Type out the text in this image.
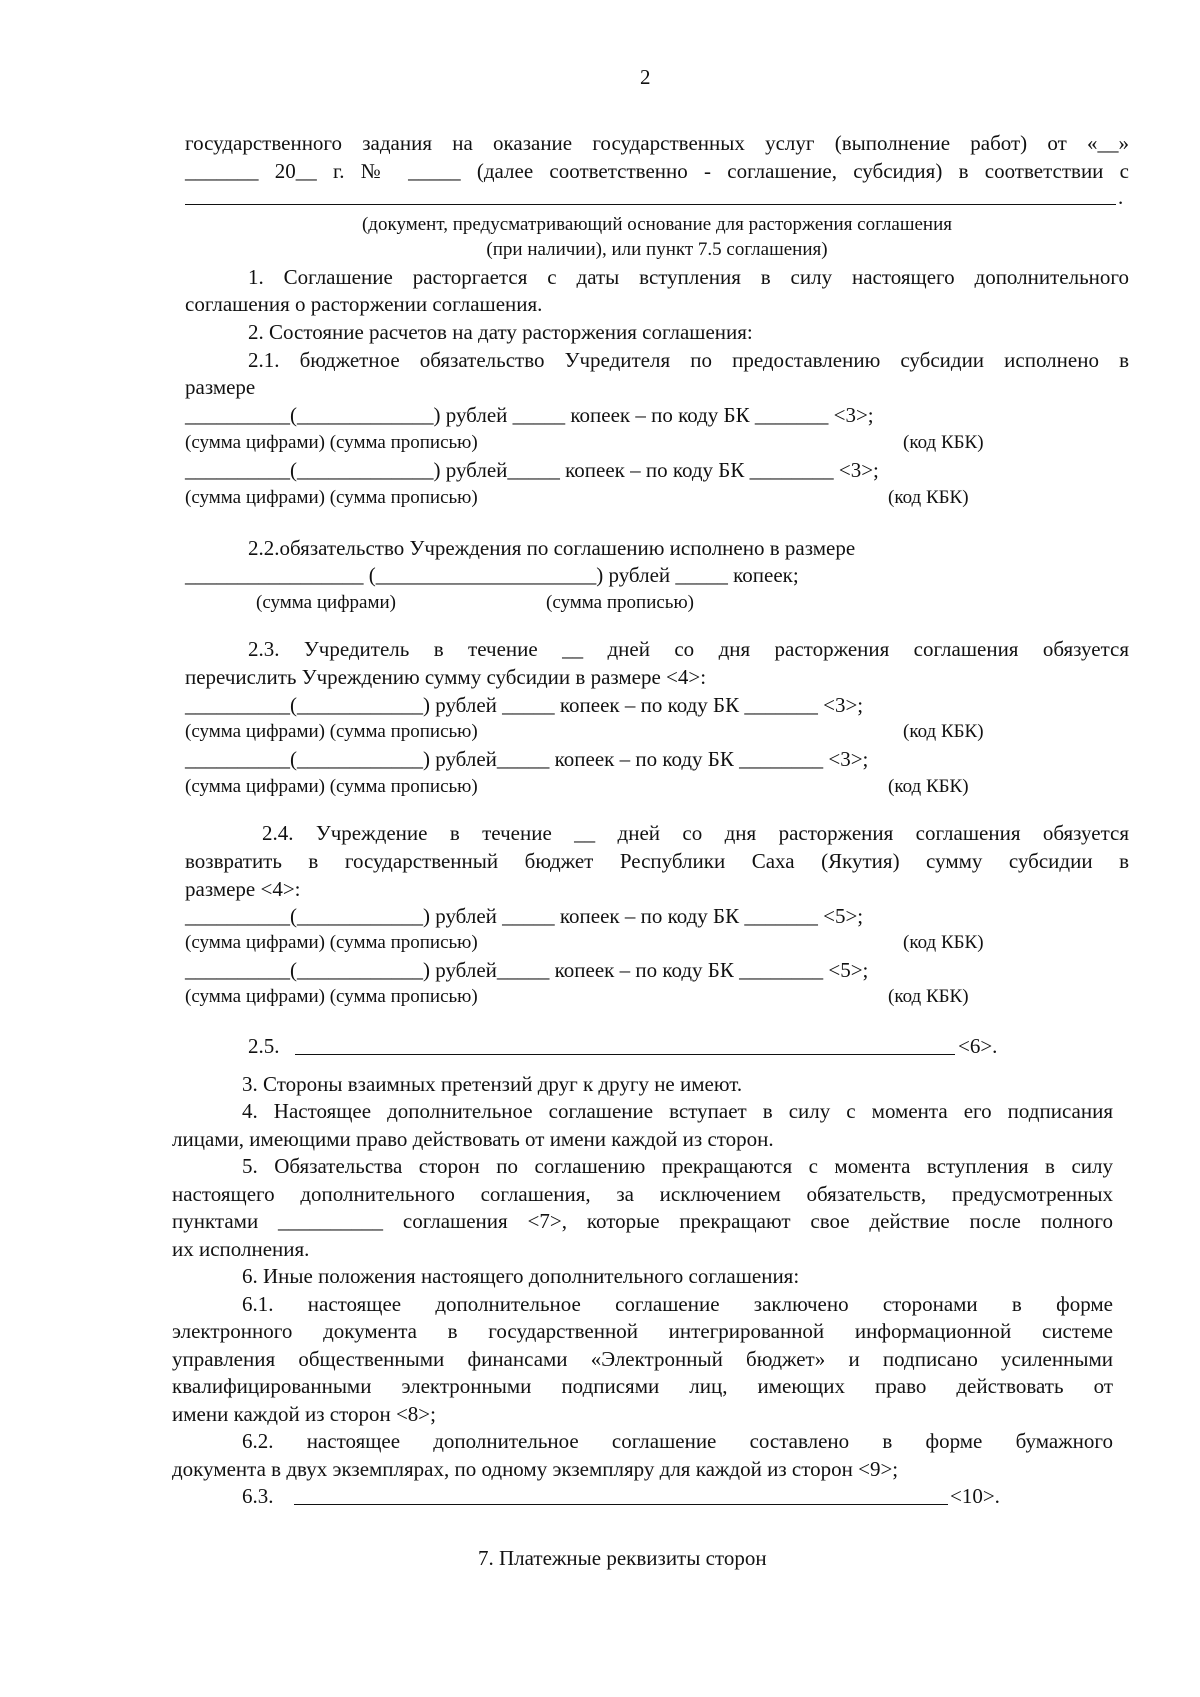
2
государственного задания на оказание государственных услуг (выполнение работ) от «__»
_______ 20__ г. № _____ (далее соответственно - соглашение, субсидия) в соответствии с
.
(документ, предусматривающий основание для расторжения соглашения
(при наличии), или пункт 7.5 соглашения)
1. Соглашение расторгается с даты вступления в силу настоящего дополнительного
соглашения о расторжении соглашения.
2. Состояние расчетов на дату расторжения соглашения:
2.1. бюджетное обязательство Учредителя по предоставлению субсидии исполнено в
размере
__________(_____________) рублей _____ копеек – по коду БК _______ <3>;
(сумма цифрами) (сумма прописью)	(код КБК)
__________(_____________) рублей_____ копеек – по коду БК ________ <3>;
(сумма цифрами) (сумма прописью)	(код КБК)
2.2.обязательство Учреждения по соглашению исполнено в размере
_________________ (_____________________) рублей _____ копеек;
(сумма цифрами)	(сумма прописью)
2.3. Учредитель в течение __ дней со дня расторжения соглашения обязуется
перечислить Учреждению сумму субсидии в размере <4>:
__________(____________) рублей _____ копеек – по коду БК _______ <3>;
(сумма цифрами) (сумма прописью)	(код КБК)
__________(____________) рублей_____ копеек – по коду БК ________ <3>;
(сумма цифрами) (сумма прописью)	(код КБК)
2.4. Учреждение в течение __ дней со дня расторжения соглашения обязуется
возвратить в государственный бюджет Республики Саха (Якутия) сумму субсидии в
размере <4>:
__________(____________) рублей _____ копеек – по коду БК _______ <5>;
(сумма цифрами) (сумма прописью)	(код КБК)
__________(____________) рублей_____ копеек – по коду БК ________ <5>;
(сумма цифрами) (сумма прописью)	(код КБК)
2.5.	<6>.
3. Стороны взаимных претензий друг к другу не имеют.
4. Настоящее дополнительное соглашение вступает в силу с момента его подписания
лицами, имеющими право действовать от имени каждой из сторон.
5. Обязательства сторон по соглашению прекращаются с момента вступления в силу
настоящего дополнительного соглашения, за исключением обязательств, предусмотренных
пунктами __________ соглашения <7>, которые прекращают свое действие после полного
их исполнения.
6. Иные положения настоящего дополнительного соглашения:
6.1. настоящее дополнительное соглашение заключено сторонами в форме
электронного документа в государственной интегрированной информационной системе
управления общественными финансами «Электронный бюджет» и подписано усиленными
квалифицированными электронными подписями лиц, имеющих право действовать от
имени каждой из сторон <8>;
6.2. настоящее дополнительное соглашение составлено в форме бумажного
документа в двух экземплярах, по одному экземпляру для каждой из сторон <9>;
6.3.	<10>.
7. Платежные реквизиты сторон
